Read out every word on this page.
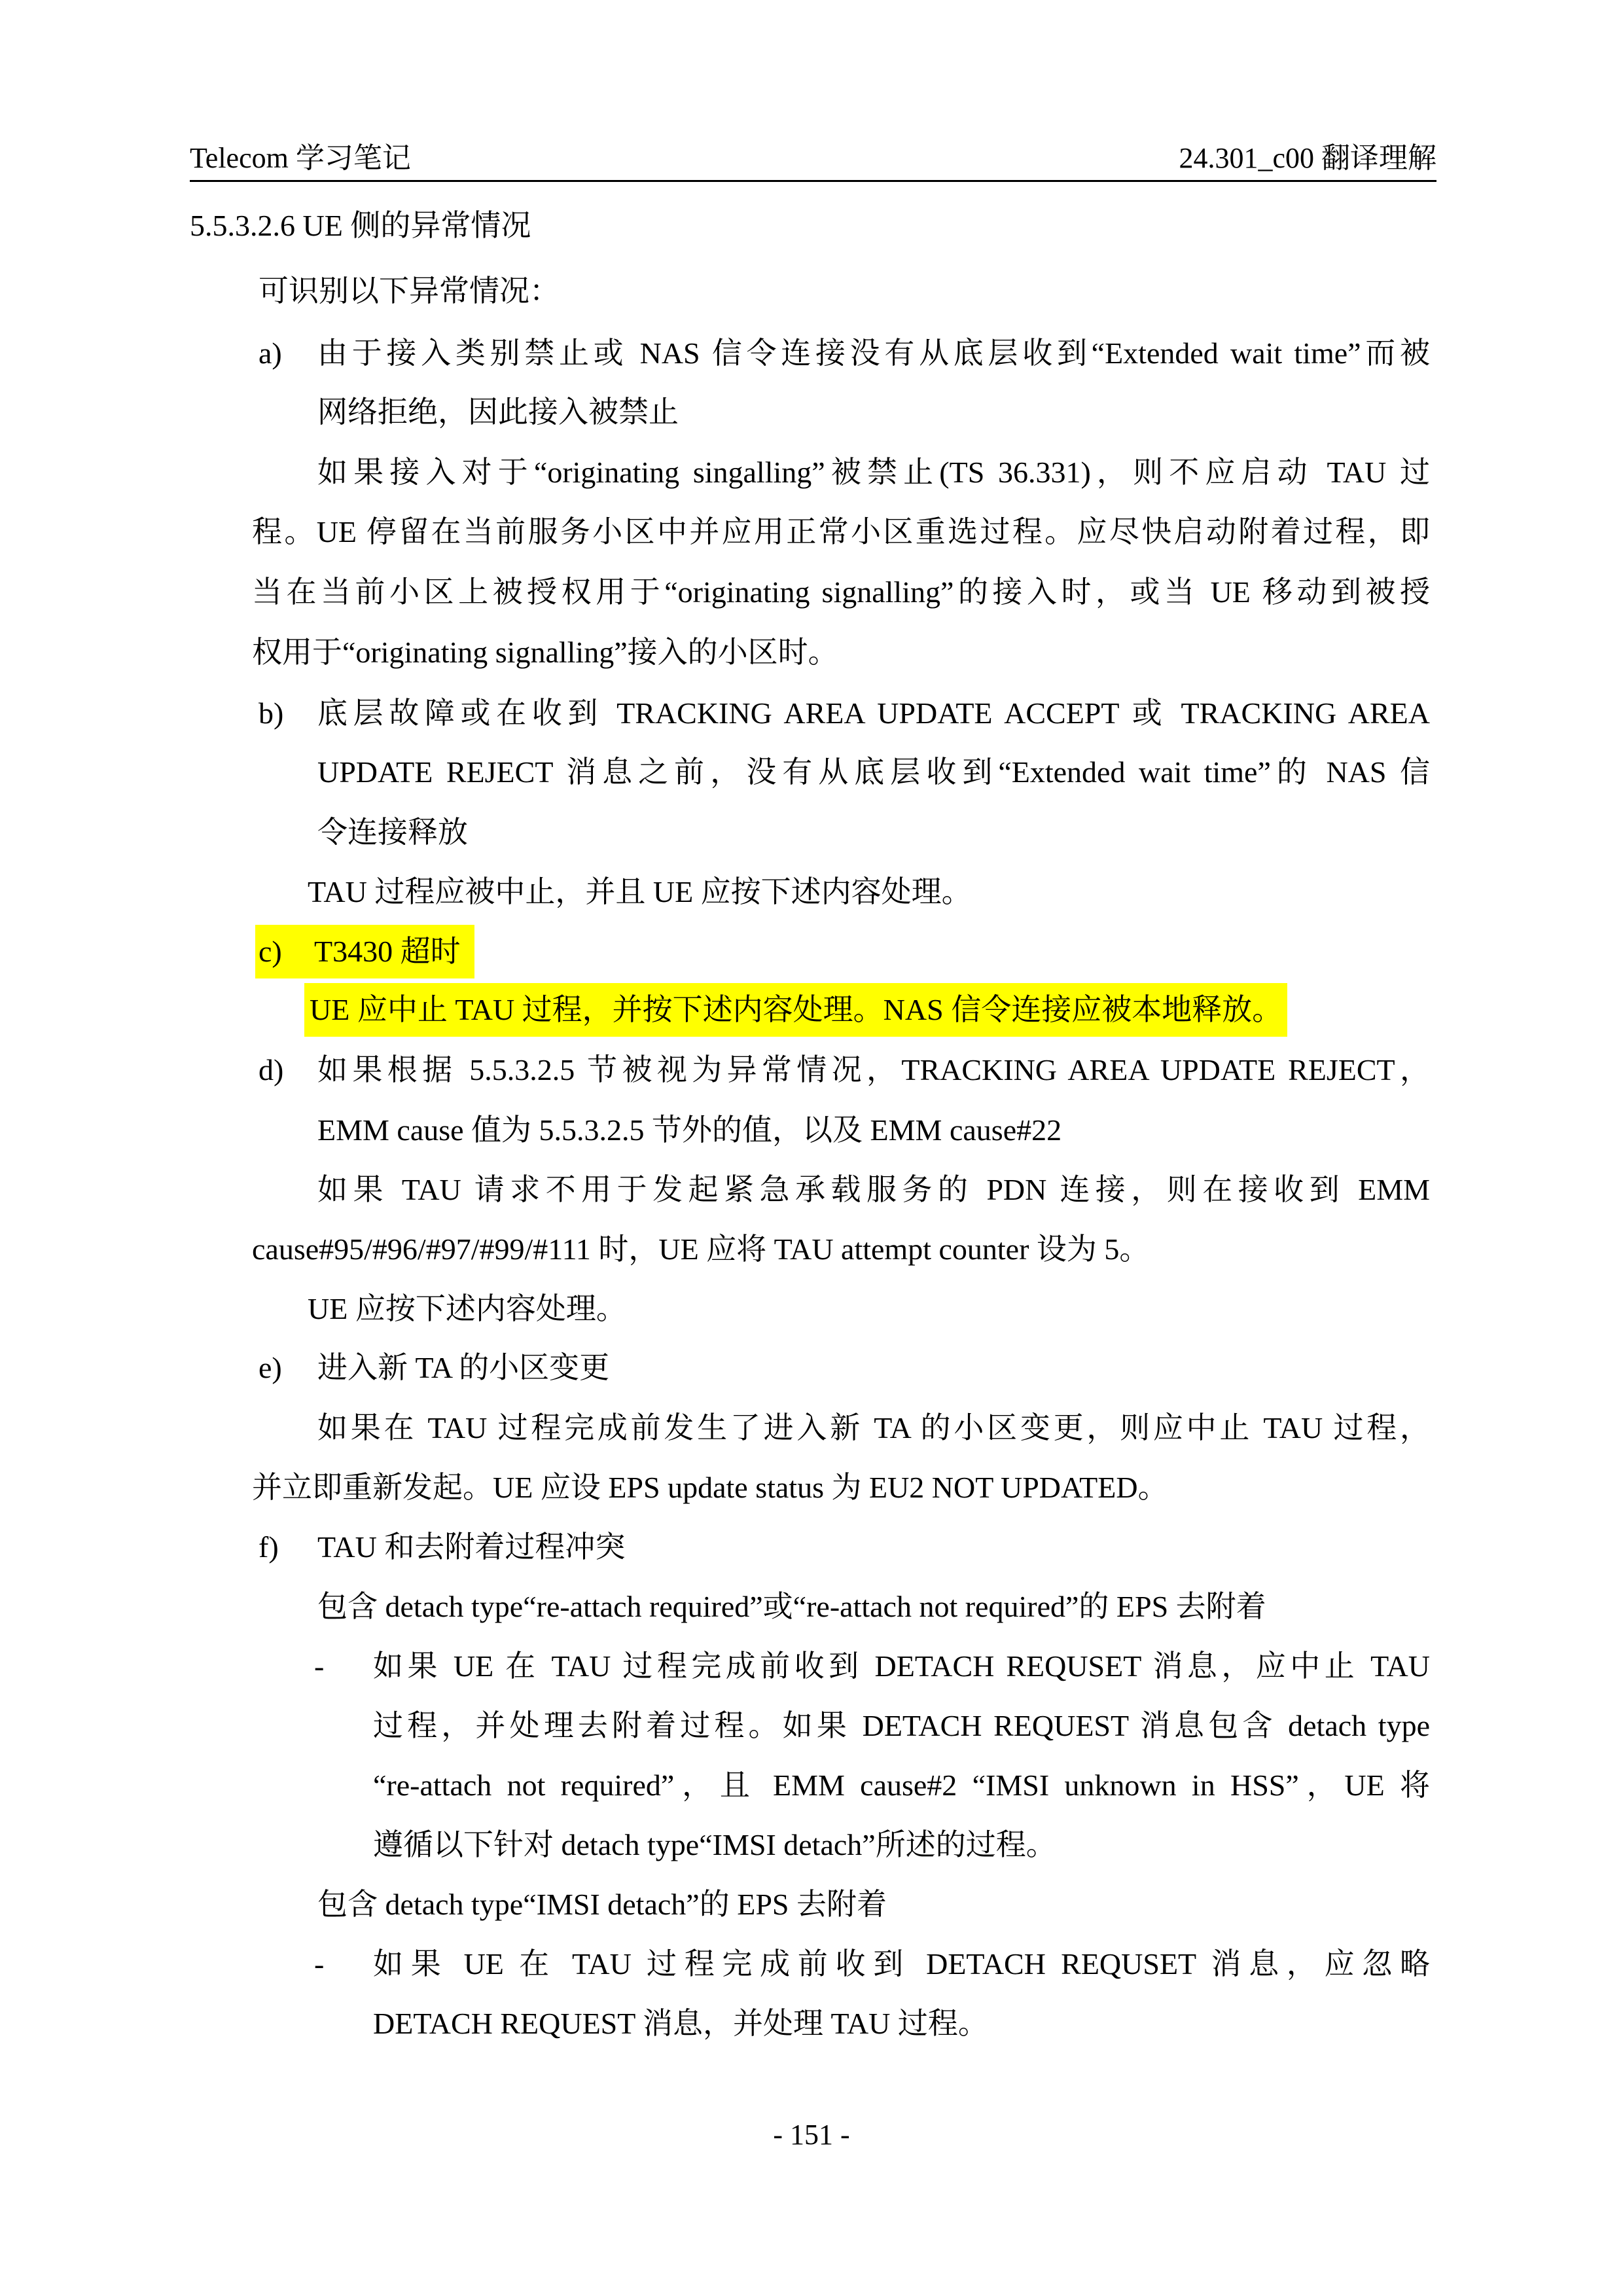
Telecom 学习笔记	24.301_c00 翻译理解
5.5.3.2.6 UE 侧的异常情况
可识别以下异常情况：
a) 由于接入类别禁止或 NAS 信令连接没有从底层收到“Extended wait time”而被
网络拒绝，因此接入被禁止
如果接入对于“originating singalling”被禁止(TS 36.331)，则不应启动 TAU 过
程。UE 停留在当前服务小区中并应用正常小区重选过程。应尽快启动附着过程，即
当在当前小区上被授权用于“originating signalling”的接入时，或当 UE 移动到被授
权用于“originating signalling”接入的小区时。
b) 底层故障或在收到 TRACKING AREA UPDATE ACCEPT 或 TRACKING AREA
UPDATE REJECT 消息之前，没有从底层收到“Extended wait time”的 NAS 信
令连接释放
TAU 过程应被中止，并且 UE 应按下述内容处理。
c) T3430 超时
UE 应中止 TAU 过程，并按下述内容处理。NAS 信令连接应被本地释放。
d) 如果根据 5.5.3.2.5 节被视为异常情况，TRACKING AREA UPDATE REJECT，
EMM cause 值为 5.5.3.2.5 节外的值，以及 EMM cause#22
如果 TAU 请求不用于发起紧急承载服务的 PDN 连接，则在接收到 EMM
cause#95/#96/#97/#99/#111 时，UE 应将 TAU attempt counter 设为 5。
UE 应按下述内容处理。
e) 进入新 TA 的小区变更
如果在 TAU 过程完成前发生了进入新 TA 的小区变更，则应中止 TAU 过程，
并立即重新发起。UE 应设 EPS update status 为 EU2 NOT UPDATED。
f) TAU 和去附着过程冲突
包含 detach type“re-attach required”或“re-attach not required”的 EPS 去附着
- 如果 UE 在 TAU 过程完成前收到 DETACH REQUSET 消息，应中止 TAU
过程，并处理去附着过程。如果 DETACH REQUEST 消息包含 detach type
“re-attach not required”，且 EMM cause#2 “IMSI unknown in HSS”，UE 将
遵循以下针对 detach type“IMSI detach”所述的过程。
包含 detach type“IMSI detach”的 EPS 去附着
- 如果 UE 在 TAU 过程完成前收到 DETACH REQUSET 消息，应忽略
DETACH REQUEST 消息，并处理 TAU 过程。
- 151 -
